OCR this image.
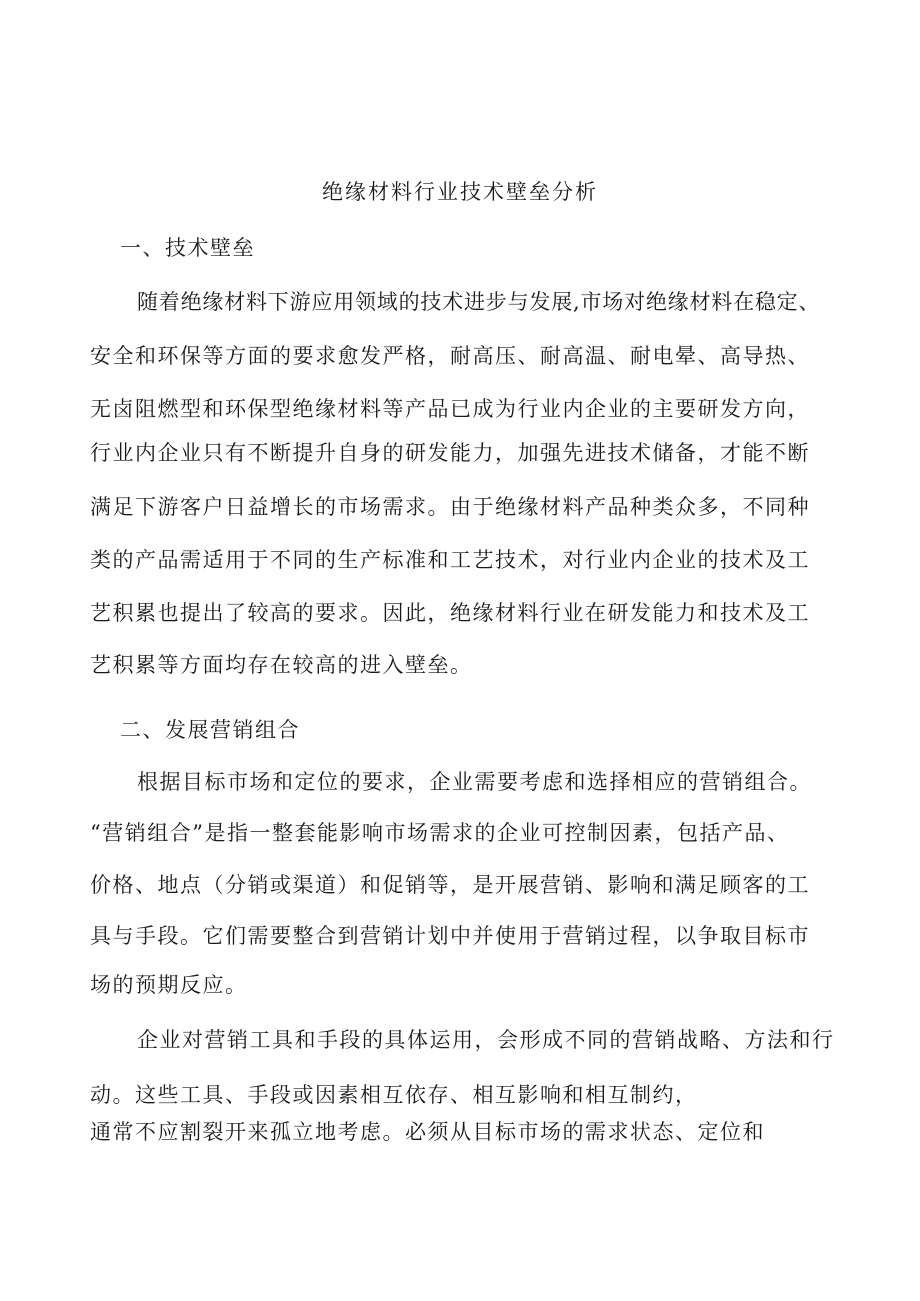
绝缘材料行业技术壁垒分析
一、技术壁垒
随着绝缘材料下游应用领域的技术进步与发展,市场对绝缘材料在稳定、
安全和环保等方面的要求愈发严格，耐高压、耐高温、耐电晕、高导热、
无卤阻燃型和环保型绝缘材料等产品已成为行业内企业的主要研发方向，
行业内企业只有不断提升自身的研发能力，加强先进技术储备，才能不断
满足下游客户日益增长的市场需求。由于绝缘材料产品种类众多，不同种
类的产品需适用于不同的生产标准和工艺技术，对行业内企业的技术及工
艺积累也提出了较高的要求。因此，绝缘材料行业在研发能力和技术及工
艺积累等方面均存在较高的进入壁垒。
二、发展营销组合
根据目标市场和定位的要求，企业需要考虑和选择相应的营销组合。
“营销组合”是指一整套能影响市场需求的企业可控制因素，包括产品、
价格、地点（分销或渠道）和促销等，是开展营销、影响和满足顾客的工
具与手段。它们需要整合到营销计划中并使用于营销过程，以争取目标市
场的预期反应。
企业对营销工具和手段的具体运用，会形成不同的营销战略、方法和行
动。这些工具、手段或因素相互依存、相互影响和相互制约，
通常不应割裂开来孤立地考虑。必须从目标市场的需求状态、定位和
